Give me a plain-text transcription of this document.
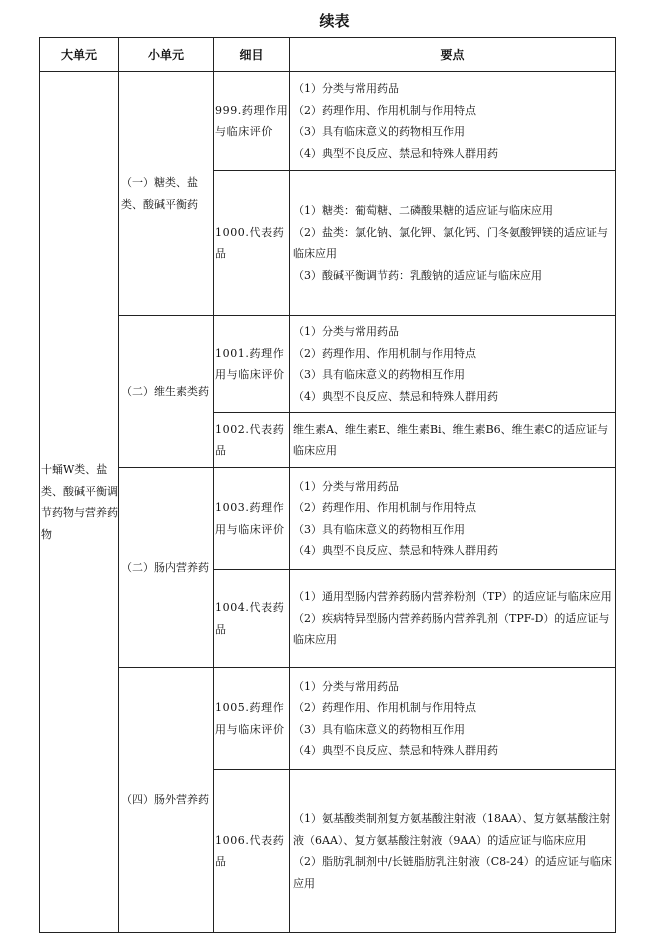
续表
大单元	小单元	细目	要点
十蛹W类、盐类、酸碱平衡调节药物与营养药物	（一）糖类、盐类、酸碱平衡药	999.药理作用与临床评价	（1）分类与常用药品
（2）药理作用、作用机制与作用特点
（3）具有临床意义的药物相互作用
（4）典型不良反应、禁忌和特殊人群用药

		1000.代表药品	（1）糖类：葡萄糖、二磷酸果糖的适应证与临床应用
（2）盐类：氯化钠、氯化钾、氯化钙、门冬氨酸钾镁的适应证与临床应用
（3）酸碱平衡调节药：乳酸钠的适应证与临床应用

	（二）维生素类药	1001.药理作用与临床评价	（1）分类与常用药品
（2）药理作用、作用机制与作用特点
（3）具有临床意义的药物相互作用
（4）典型不良反应、禁忌和特殊人群用药

		1002.代表药品	维生素A、维生素E、维生素Bi、维生素B6、维生素C的适应证与临床应用

	（二）肠内营养药	1003.药理作用与临床评价	（1）分类与常用药品
（2）药理作用、作用机制与作用特点
（3）具有临床意义的药物相互作用
（4）典型不良反应、禁忌和特殊人群用药

		1004.代表药品	（1）通用型肠内营养药肠内营养粉剂（TP）的适应证与临床应用
（2）疾病特异型肠内营养药肠内营养乳剂（TPF-D）的适应证与临床应用

	（四）肠外营养药	1005.药理作用与临床评价	（1）分类与常用药品
（2）药理作用、作用机制与作用特点
（3）具有临床意义的药物相互作用
（4）典型不良反应、禁忌和特殊人群用药

		1006.代表药品	（1）氨基酸类制剂复方氨基酸注射液（18AA）、复方氨基酸注射液（6AA）、复方氨基酸注射液（9AA）的适应证与临床应用
（2）脂肪乳制剂中/长链脂肪乳注射液（C8-24）的适应证与临床应用
